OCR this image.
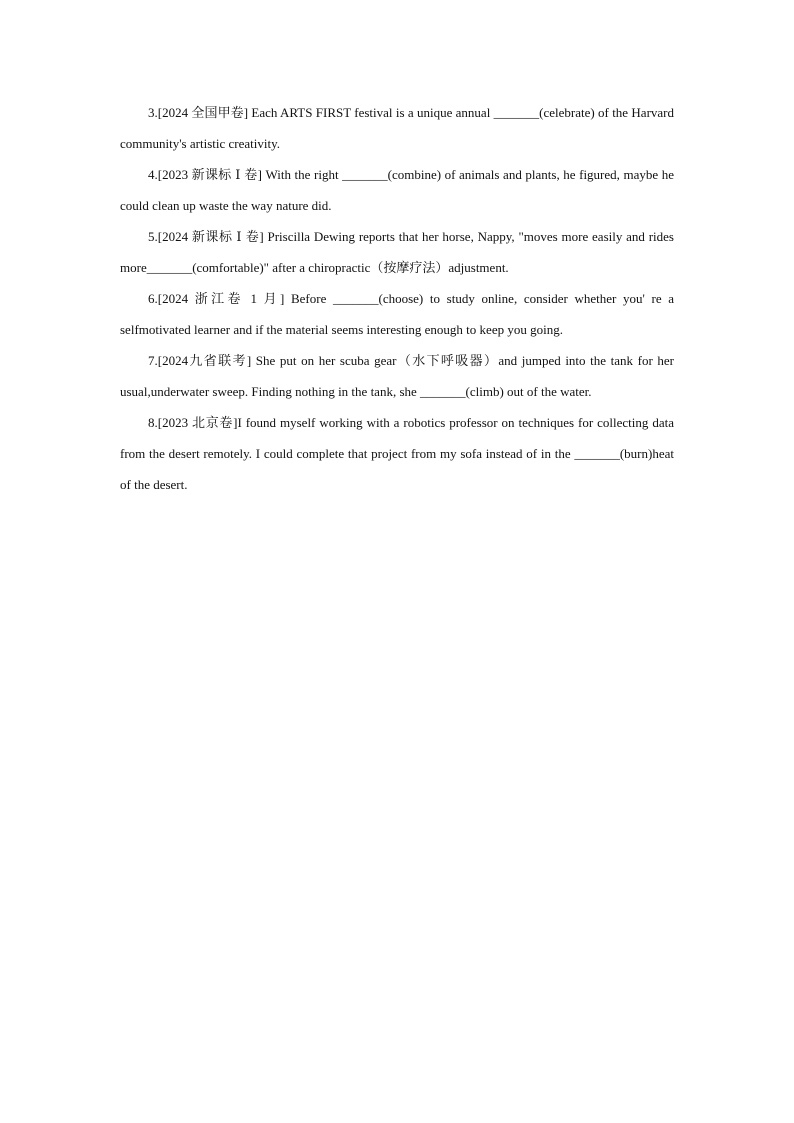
3.[2024 全国甲卷] Each ARTS FIRST festival is a unique annual _______(celebrate) of the Harvard community's artistic creativity.

4.[2023 新课标 Ⅰ 卷] With the right _______(combine) of animals and plants, he figured, maybe he could clean up waste the way nature did.

5.[2024 新课标 Ⅰ 卷] Priscilla Dewing reports that her horse, Nappy, "moves more easily and rides more_______(comfortable)" after a chiropractic（按摩疗法）adjustment.

6.[2024 浙江卷 1 月] Before _______(choose) to study online, consider whether you' re a selfmotivated learner and if the material seems interesting enough to keep you going.

7.[2024九省联考] She put on her scuba gear（水下呼吸器）and jumped into the tank for her usual,underwater sweep. Finding nothing in the tank, she _______(climb) out of the water.

8.[2023 北京卷]I found myself working with a robotics professor on techniques for collecting data from the desert remotely. I could complete that project from my sofa instead of in the _______(burn)heat of the desert.
